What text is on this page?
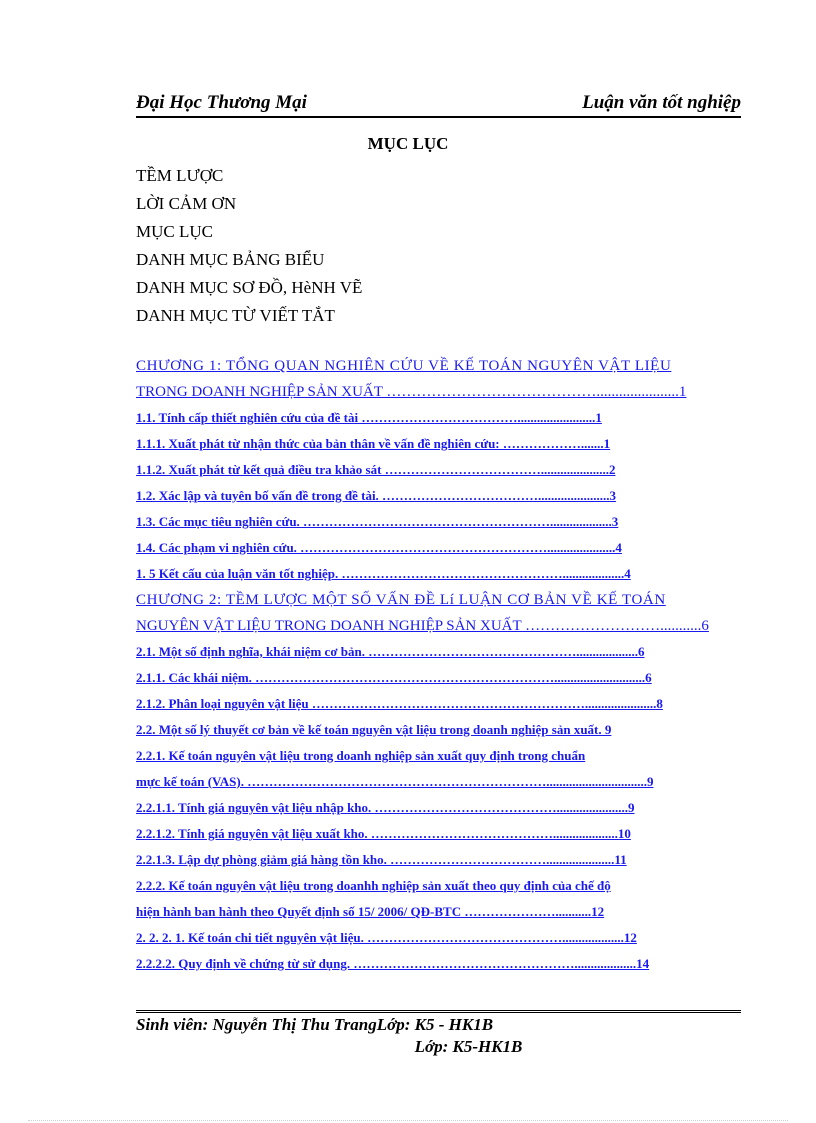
Đại Học Thương Mại	Luận văn tốt nghiệp
MỤC LỤC
TỀM LƯỢC
LỜI CẢM ƠN
MỤC LỤC
DANH MỤC BẢNG BIỂU
DANH MỤC SƠ ĐỒ, HèNH VẼ
DANH MỤC TỪ VIẾT TẮT
CHƯƠNG 1: TỔNG QUAN NGHIÊN CỨU VỀ KẾ TOÁN NGUYÊN VẬT LIỆU
TRONG DOANH NGHIỆP SẢN XUẤT ……………………………………......................1
1.1. Tính cấp thiết nghiên cứu của đề tài ………………………………........................1
1.1.1. Xuất phát từ nhận thức của bản thân về vấn đề nghiên cứu: ……………….......1
1.1.2. Xuất phát từ kết quả điều tra khảo sát ……………………………….....................2
1.2. Xác lập và tuyên bố vấn đề trong đề tài. ………………………………......................3
1.3. Các mục tiêu nghiên cứu. …………………………………………………...................3
1.4. Các phạm vi nghiên cứu. ………………………………………………….....................4
1. 5 Kết cấu của luận văn tốt nghiệp. ……………………………………………...................4
CHƯƠNG 2: TỀM LƯỢC MỘT SỐ VẤN ĐỀ Lí LUẬN CƠ BẢN VỀ KẾ TOÁN
NGUYÊN VẬT LIỆU TRONG DOANH NGHIỆP SẢN XUẤT ………………………...........6
2.1. Một số định nghĩa, khái niệm cơ bản. …………………………………………...................6
2.1.1. Các khái niệm. ……………………………………………………………............................6
2.1.2. Phân loại nguyên vật liệu ………………………………………………………......................8
2.2. Một số lý thuyết cơ bản về kế toán nguyên vật liệu trong doanh nghiệp sản xuất. 9
2.2.1. Kế toán nguyên vật liệu trong doanh nghiệp sản xuất quy định trong chuẩn
mực kế toán (VAS). ……………………………………………………………...............................9
2.2.1.1. Tính giá nguyên vật liệu nhập kho. ……………………………………......................9
2.2.1.2. Tính giá nguyên vật liệu xuất kho. ……………………………………....................10
2.2.1.3. Lập dự phòng giảm giá hàng tồn kho. ……………………………….....................11
2.2.2. Kế toán nguyên vật liệu trong doanhh nghiệp sản xuất theo quy định của chế độ
hiện hành ban hành theo Quyết định số 15/ 2006/ QĐ-BTC …………………...........12
2. 2. 2. 1. Kế toán chi tiết nguyên vật liệu. ………………………………………...................12
2.2.2.2. Quy định về chứng từ sử dụng. ……………………………………………...................14
Sinh viên: Nguyễn Thị Thu TrangLớp: K5 - HK1B
Lớp: K5-HK1B
